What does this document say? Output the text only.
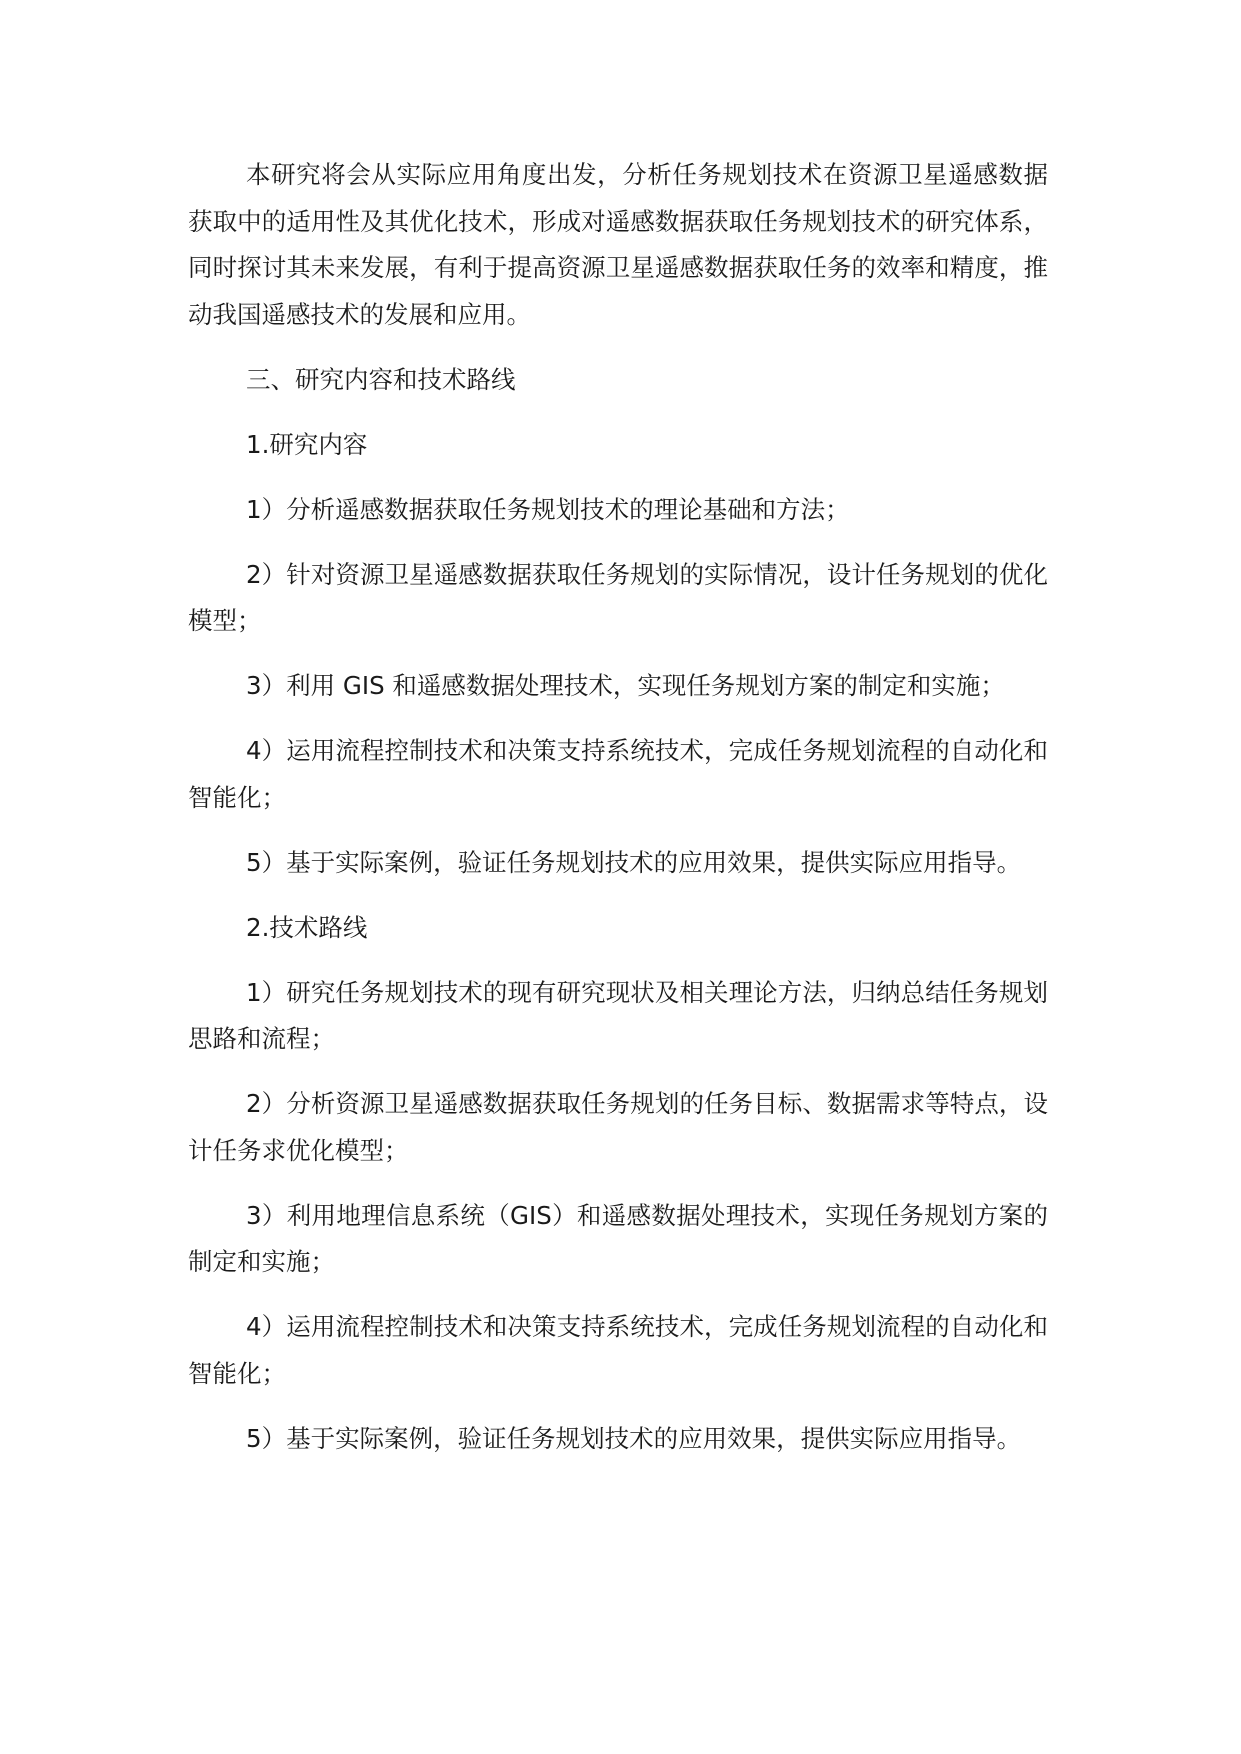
本研究将会从实际应用角度出发，分析任务规划技术在资源卫星遥感数据获取中的适用性及其优化技术，形成对遥感数据获取任务规划技术的研究体系，同时探讨其未来发展，有利于提高资源卫星遥感数据获取任务的效率和精度，推动我国遥感技术的发展和应用。

三、研究内容和技术路线

1.研究内容

1）分析遥感数据获取任务规划技术的理论基础和方法；

2）针对资源卫星遥感数据获取任务规划的实际情况，设计任务规划的优化模型；

3）利用 GIS 和遥感数据处理技术，实现任务规划方案的制定和实施；

4）运用流程控制技术和决策支持系统技术，完成任务规划流程的自动化和智能化；

5）基于实际案例，验证任务规划技术的应用效果，提供实际应用指导。

2.技术路线

1）研究任务规划技术的现有研究现状及相关理论方法，归纳总结任务规划思路和流程；

2）分析资源卫星遥感数据获取任务规划的任务目标、数据需求等特点，设计任务求优化模型；

3）利用地理信息系统（GIS）和遥感数据处理技术，实现任务规划方案的制定和实施；

4）运用流程控制技术和决策支持系统技术，完成任务规划流程的自动化和智能化；

5）基于实际案例，验证任务规划技术的应用效果，提供实际应用指导。
